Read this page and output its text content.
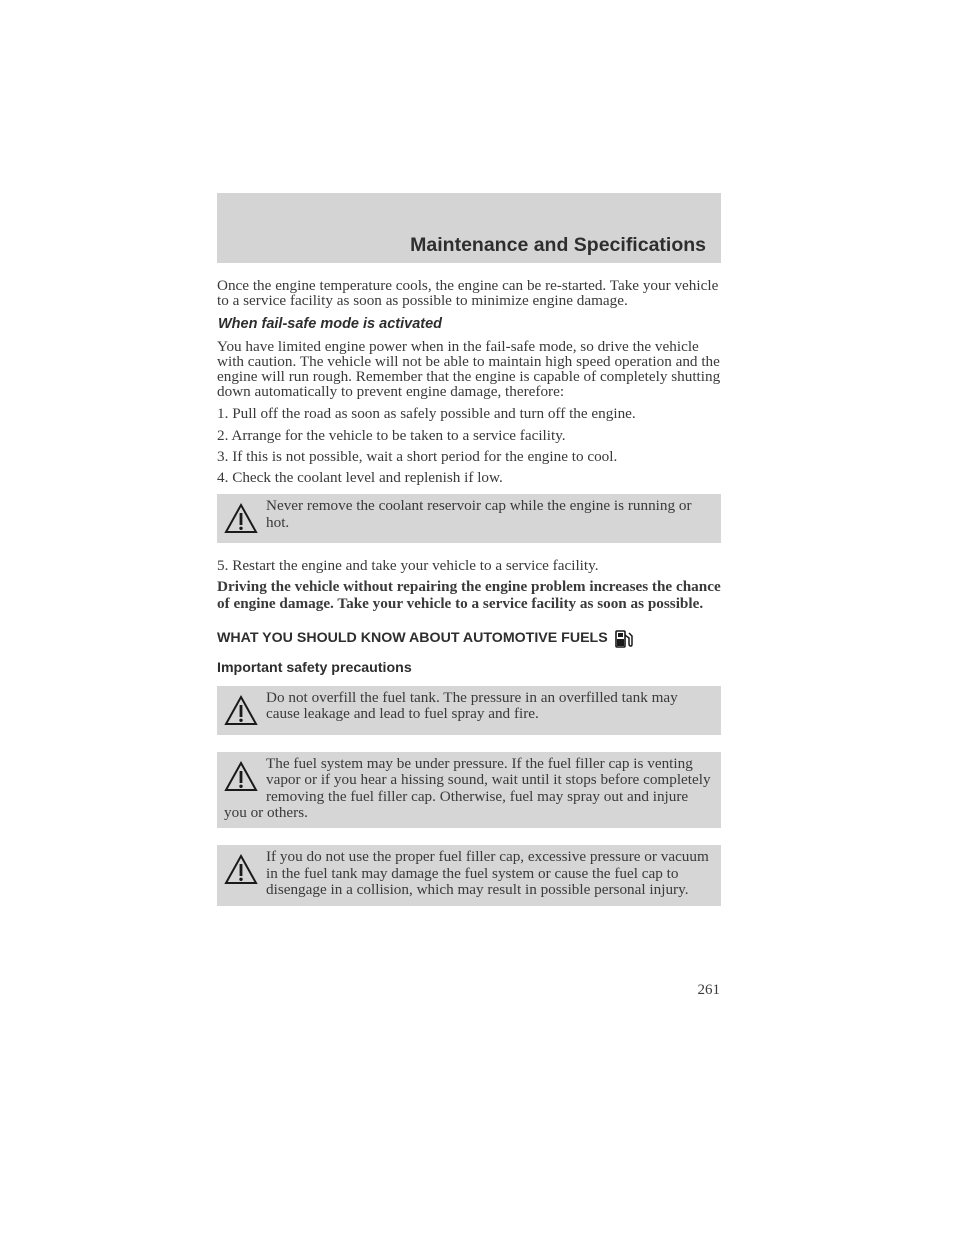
Maintenance and Specifications

Once the engine temperature cools, the engine can be re-started. Take your vehicle to a service facility as soon as possible to minimize engine damage.

When fail-safe mode is activated

You have limited engine power when in the fail-safe mode, so drive the vehicle with caution. The vehicle will not be able to maintain high speed operation and the engine will run rough. Remember that the engine is capable of completely shutting down automatically to prevent engine damage, therefore:

1. Pull off the road as soon as safely possible and turn off the engine.

2. Arrange for the vehicle to be taken to a service facility.

3. If this is not possible, wait a short period for the engine to cool.

4. Check the coolant level and replenish if low.

Never remove the coolant reservoir cap while the engine is running or hot.

5. Restart the engine and take your vehicle to a service facility.

Driving the vehicle without repairing the engine problem increases the chance of engine damage. Take your vehicle to a service facility as soon as possible.

WHAT YOU SHOULD KNOW ABOUT AUTOMOTIVE FUELS

Important safety precautions

Do not overfill the fuel tank. The pressure in an overfilled tank may cause leakage and lead to fuel spray and fire.
The fuel system may be under pressure. If the fuel filler cap is venting vapor or if you hear a hissing sound, wait until it stops before completely removing the fuel filler cap. Otherwise, fuel may spray out and injure you or others.
If you do not use the proper fuel filler cap, excessive pressure or vacuum in the fuel tank may damage the fuel system or cause the fuel cap to disengage in a collision, which may result in possible personal injury.
261
